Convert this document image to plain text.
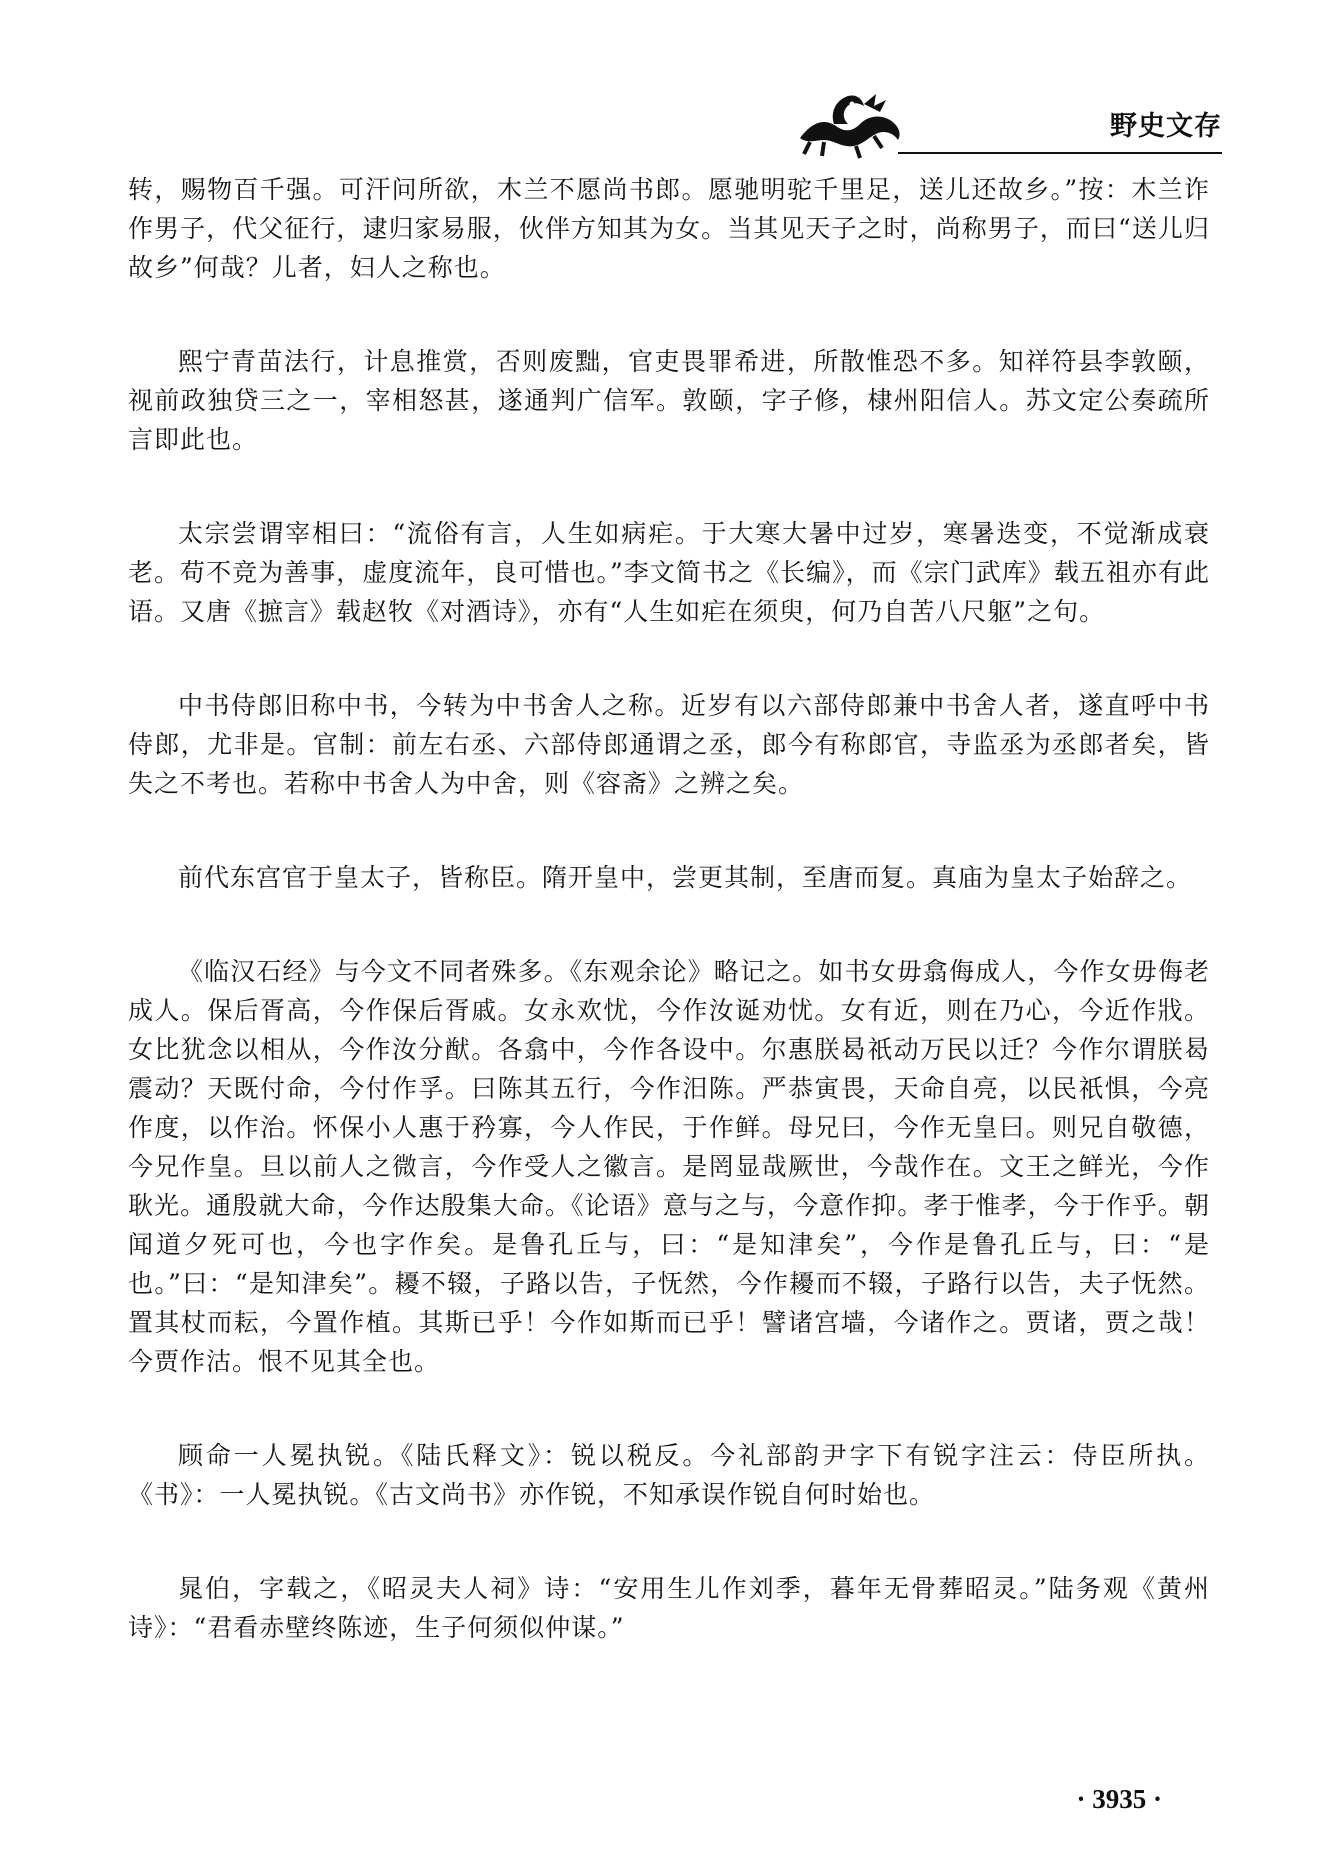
野史文存

转，赐物百千强。可汗问所欲，木兰不愿尚书郎。愿驰明驼千里足，送儿还故乡。”按：木兰诈作男子，代父征行，逮归家易服，伙伴方知其为女。当其见天子之时，尚称男子，而曰“送儿归故乡”何哉？儿者，妇人之称也。

熙宁青苗法行，计息推赏，否则废黜，官吏畏罪希进，所散惟恐不多。知祥符县李敦颐，视前政独贷三之一，宰相怒甚，遂通判广信军。敦颐，字子修，棣州阳信人。苏文定公奏疏所言即此也。

太宗尝谓宰相曰：“流俗有言，人生如病疟。于大寒大暑中过岁，寒暑迭变，不觉渐成衰老。苟不竞为善事，虚度流年，良可惜也。”李文简书之《长编》，而《宗门武库》载五祖亦有此语。又唐《摭言》载赵牧《对酒诗》，亦有“人生如疟在须臾，何乃自苦八尺躯”之句。

中书侍郎旧称中书，今转为中书舍人之称。近岁有以六部侍郎兼中书舍人者，遂直呼中书侍郎，尤非是。官制：前左右丞、六部侍郎通谓之丞，郎今有称郎官，寺监丞为丞郎者矣，皆失之不考也。若称中书舍人为中舍，则《容斋》之辨之矣。

前代东宫官于皇太子，皆称臣。隋开皇中，尝更其制，至唐而复。真庙为皇太子始辞之。

《临汉石经》与今文不同者殊多。《东观余论》略记之。如书女毋翕侮成人，今作女毋侮老成人。保后胥高，今作保后胥戚。女永欢忧，今作汝诞劝忧。女有近，则在乃心，今近作戕。女比犹念以相从，今作汝分猷。各翕中，今作各设中。尔惠朕曷祇动万民以迁？今作尔谓朕曷震动？天既付命，今付作孚。曰陈其五行，今作汨陈。严恭寅畏，天命自亮，以民祇惧，今亮作度，以作治。怀保小人惠于矜寡，今人作民，于作鲜。母兄曰，今作无皇曰。则兄自敬德，今兄作皇。旦以前人之微言，今作受人之徽言。是罔显哉厥世，今哉作在。文王之鲜光，今作耿光。通殷就大命，今作达殷集大命。《论语》意与之与，今意作抑。孝于惟孝，今于作乎。朝闻道夕死可也，今也字作矣。是鲁孔丘与，曰：“是知津矣”，今作是鲁孔丘与，曰：“是也。”曰：“是知津矣”。耰不辍，子路以告，子怃然，今作耰而不辍，子路行以告，夫子怃然。置其杖而耘，今置作植。其斯已乎！今作如斯而已乎！譬诸宫墙，今诸作之。贾诸，贾之哉！今贾作沽。恨不见其全也。

顾命一人冕执锐。《陆氏释文》：锐以税反。今礼部韵尹字下有锐字注云：侍臣所执。《书》：一人冕执锐。《古文尚书》亦作锐，不知承误作锐自何时始也。

晁伯，字载之，《昭灵夫人祠》诗：“安用生儿作刘季，暮年无骨葬昭灵。”陆务观《黄州诗》：“君看赤壁终陈迹，生子何须似仲谋。”

· 3935 ·
